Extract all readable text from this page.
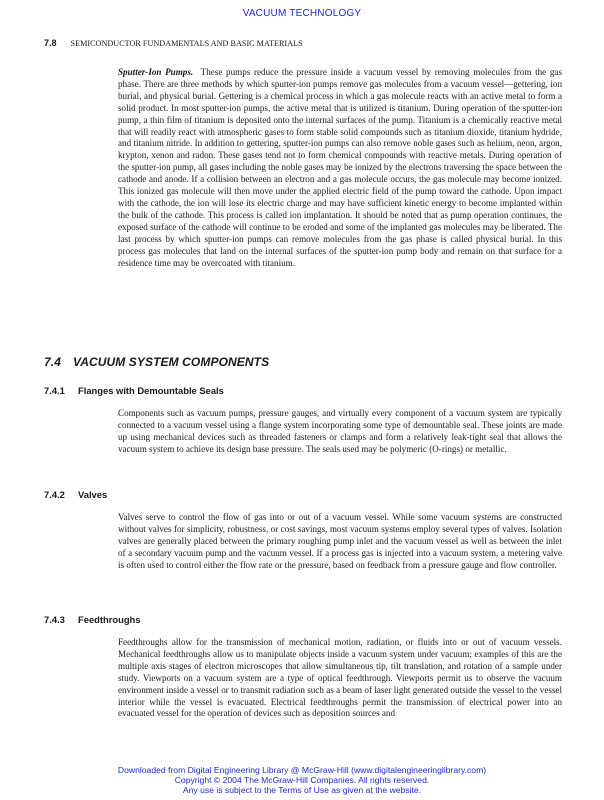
VACUUM TECHNOLOGY
7.8 SEMICONDUCTOR FUNDAMENTALS AND BASIC MATERIALS

Sputter-Ion Pumps. These pumps reduce the pressure inside a vacuum vessel by removing molecules from the gas phase. There are three methods by which sputter-ion pumps remove gas molecules from a vacuum vessel—gettering, ion burial, and physical burial. Gettering is a chemical process in which a gas molecule reacts with an active metal to form a solid product. In most sputter-ion pumps, the active metal that is utilized is titanium. During operation of the sputter-ion pump, a thin film of titanium is deposited onto the internal surfaces of the pump. Titanium is a chemically reactive metal that will readily react with atmospheric gases to form stable solid compounds such as titanium dioxide, titanium hydride, and titanium nitride. In addition to gettering, sputter-ion pumps can also remove noble gases such as helium, neon, argon, krypton, xenon and radon. These gases tend not to form chemical compounds with reactive metals. During operation of the sputter-ion pump, all gases including the noble gases may be ionized by the electrons traversing the space between the cathode and anode. If a collision between an electron and a gas molecule occurs, the gas molecule may become ionized. This ionized gas molecule will then move under the applied electric field of the pump toward the cathode. Upon impact with the cathode, the ion will lose its electric charge and may have sufficient kinetic energy to become implanted within the bulk of the cathode. This process is called ion implantation. It should be noted that as pump operation continues, the exposed surface of the cathode will continue to be eroded and some of the implanted gas molecules may be liberated. The last process by which sputter-ion pumps can remove molecules from the gas phase is called physical burial. In this process gas molecules that land on the internal surfaces of the sputter-ion pump body and remain on that surface for a residence time may be overcoated with titanium.

7.4 VACUUM SYSTEM COMPONENTS
7.4.1 Flanges with Demountable Seals

Components such as vacuum pumps, pressure gauges, and virtually every component of a vacuum system are typically connected to a vacuum vessel using a flange system incorporating some type of demountable seal. These joints are made up using mechanical devices such as threaded fasteners or clamps and form a relatively leak-tight seal that allows the vacuum system to achieve its design base pressure. The seals used may be polymeric (O-rings) or metallic.

7.4.2 Valves

Valves serve to control the flow of gas into or out of a vacuum vessel. While some vacuum systems are constructed without valves for simplicity, robustness, or cost savings, most vacuum systems employ several types of valves. Isolation valves are generally placed between the primary roughing pump inlet and the vacuum vessel as well as between the inlet of a secondary vacuum pump and the vacuum vessel. If a process gas is injected into a vacuum system, a metering valve is often used to control either the flow rate or the pressure, based on feedback from a pressure gauge and flow controller.

7.4.3 Feedthroughs

Feedthroughs allow for the transmission of mechanical motion, radiation, or fluids into or out of vacuum vessels. Mechanical feedthroughs allow us to manipulate objects inside a vacuum system under vacuum; examples of this are the multiple axis stages of electron microscopes that allow simultaneous tip, tilt translation, and rotation of a sample under study. Viewports on a vacuum system are a type of optical feedthrough. Viewports permit us to observe the vacuum environment inside a vessel or to transmit radiation such as a beam of laser light generated outside the vessel to the vessel interior while the vessel is evacuated. Electrical feedthroughs permit the transmission of electrical power into an evacuated vessel for the operation of devices such as deposition sources and

Downloaded from Digital Engineering Library @ McGraw-Hill (www.digitalengineeringlibrary.com)
Copyright © 2004 The McGraw-Hill Companies. All rights reserved.
Any use is subject to the Terms of Use as given at the website.
